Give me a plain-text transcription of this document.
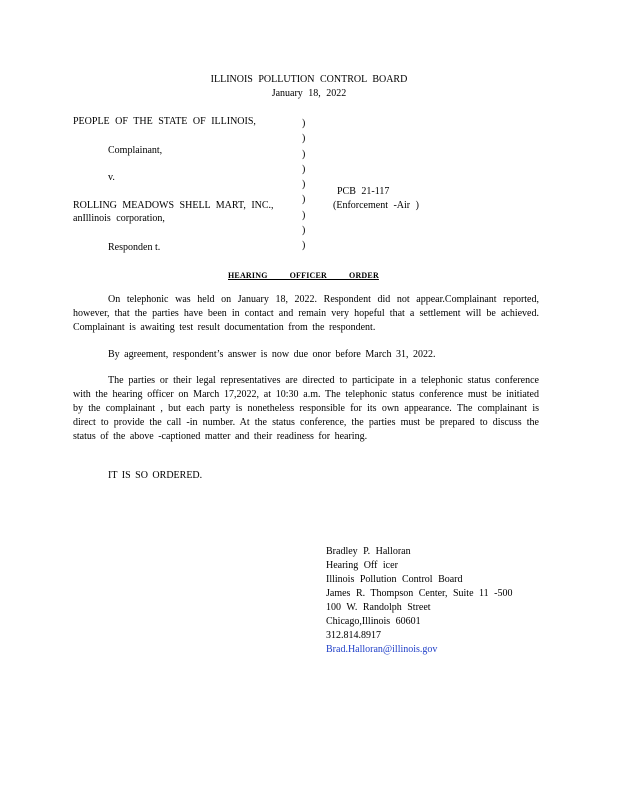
ILLINOIS POLLUTION CONTROL BOARD
January 18, 2022
PEOPLE OF THE STATE OF ILLINOIS,
Complainant,
v.
ROLLING MEADOWS SHELL MART, INC.,
anIllinois corporation,
Responden t.
)
)
)
)
)
)
)
)
)
PCB 21-117
(Enforcement -Air )
HEARING          OFFICER          ORDER
On telephonic was held on January 18, 2022. Respondent did not appear.Complainant reported, however, that the parties have been in contact and remain very hopeful that a settlement will be achieved. Complainant is awaiting test result documentation from the respondent.
By agreement, respondent’s answer is now due onor before March 31, 2022.
The parties or their legal representatives are directed to participate in a telephonic status conference with the hearing officer on March 17,2022, at 10:30 a.m. The telephonic status conference must be initiated by the complainant , but each party is nonetheless responsible for its own appearance. The complainant is direct to provide the call -in number. At the status conference, the parties must be prepared to discuss the status of the above -captioned matter and their readiness for hearing.
IT IS SO ORDERED.
Bradley P. Halloran
Hearing Off icer
Illinois Pollution Control Board
James R. Thompson Center, Suite 11 -500
100 W. Randolph Street
Chicago,Illinois 60601
312.814.8917
Brad.Halloran@illinois.gov
